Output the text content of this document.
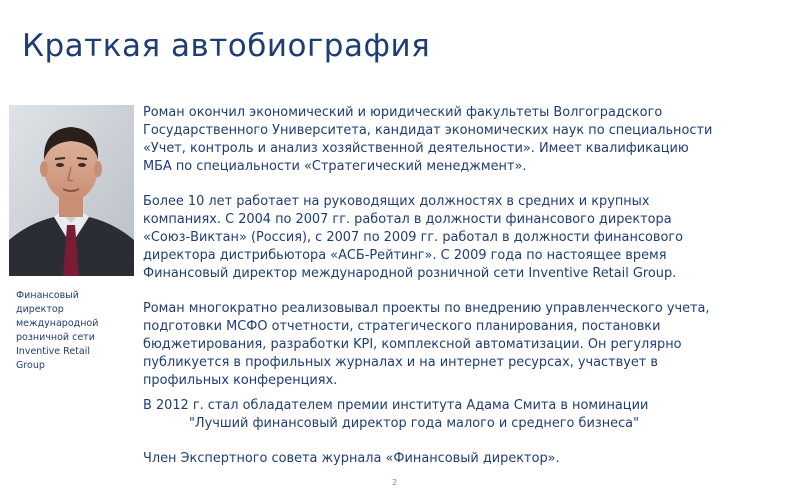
Краткая автобиография
Финансовый
директор
международной
розничной сети
Inventive Retail
Group
Роман окончил экономический и юридический факультеты Волгоградского
Государственного Университета, кандидат экономических наук по специальности
«Учет, контроль и анализ хозяйственной деятельности». Имеет квалификацию
МБА по специальности «Стратегический менеджмент».
Более 10 лет работает на руководящих должностях в средних и крупных
компаниях. С 2004 по 2007 гг. работал в должности финансового директора
«Союз-Виктан» (Россия), с 2007 по 2009 гг. работал в должности финансового
директора дистрибьютора «АСБ-Рейтинг». С 2009 года по настоящее время
Финансовый директор международной розничной сети Inventive Retail Group.
Роман многократно реализовывал проекты по внедрению управленческого учета,
подготовки МСФО отчетности, стратегического планирования, постановки
бюджетирования, разработки KPI, комплексной автоматизации. Он регулярно
публикуется в профильных журналах и на интернет ресурсах, участвует в
профильных конференциях.
В 2012 г. стал обладателем премии института Адама Смита в номинации
"Лучший финансовый директор года малого и среднего бизнеса"
Член Экспертного совета журнала «Финансовый директор».
2
